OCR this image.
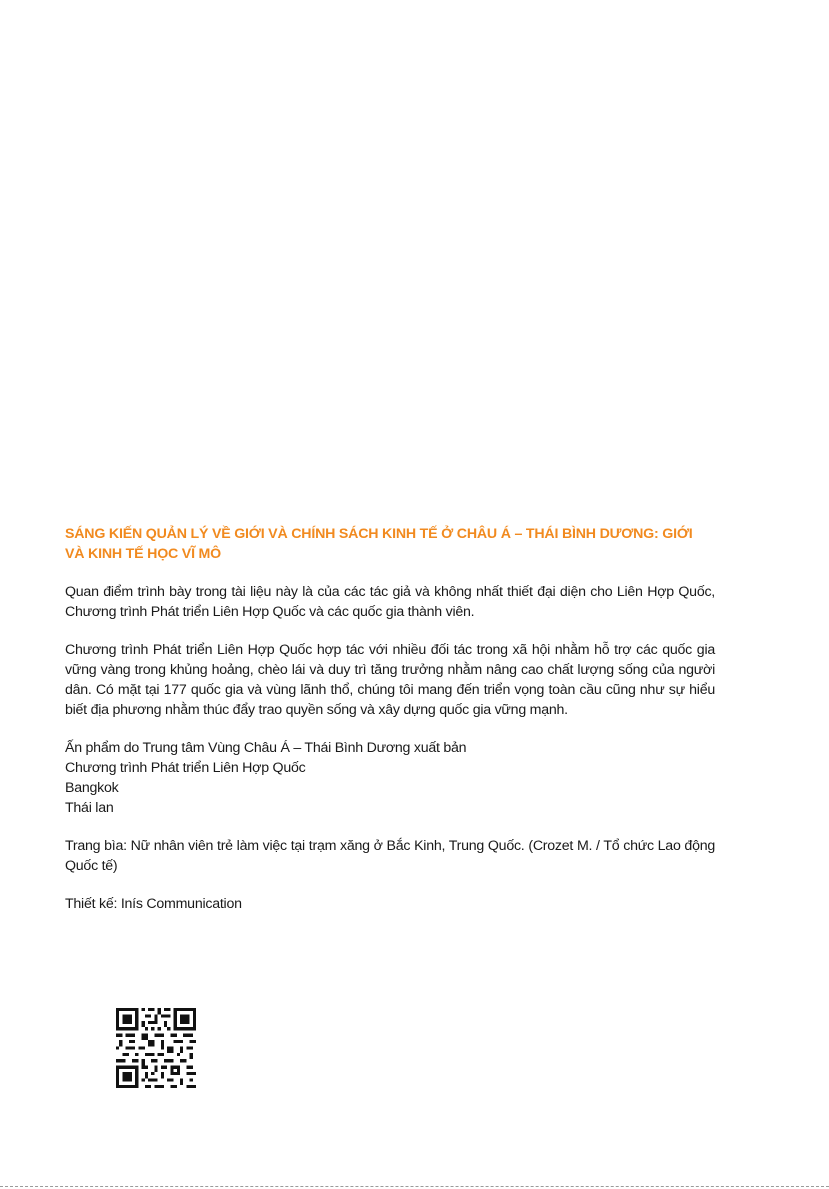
SÁNG KIẾN QUẢN LÝ VỀ GIỚI VÀ CHÍNH SÁCH KINH TẾ Ở CHÂU Á – THÁI BÌNH DƯƠNG: GIỚI VÀ KINH TẾ HỌC VĨ MÔ

Quan điểm trình bày trong tài liệu này là của các tác giả và không nhất thiết đại diện cho Liên Hợp Quốc, Chương trình Phát triển Liên Hợp Quốc và các quốc gia thành viên.

Chương trình Phát triển Liên Hợp Quốc hợp tác với nhiều đối tác trong xã hội nhằm hỗ trợ các quốc gia vững vàng trong khủng hoảng, chèo lái và duy trì tăng trưởng nhằm nâng cao chất lượng sống của người dân. Có mặt tại 177 quốc gia và vùng lãnh thổ, chúng tôi mang đến triển vọng toàn cầu cũng như sự hiểu biết địa phương nhằm thúc đẩy trao quyền sống và xây dựng quốc gia vững mạnh.

Ấn phẩm do Trung tâm Vùng Châu Á – Thái Bình Dương xuất bản
Chương trình Phát triển Liên Hợp Quốc
Bangkok
Thái lan

Trang bìa: Nữ nhân viên trẻ làm việc tại trạm xăng ở Bắc Kinh, Trung Quốc. (Crozet M. / Tổ chức Lao động Quốc tế)

Thiết kế: Inís Communication
